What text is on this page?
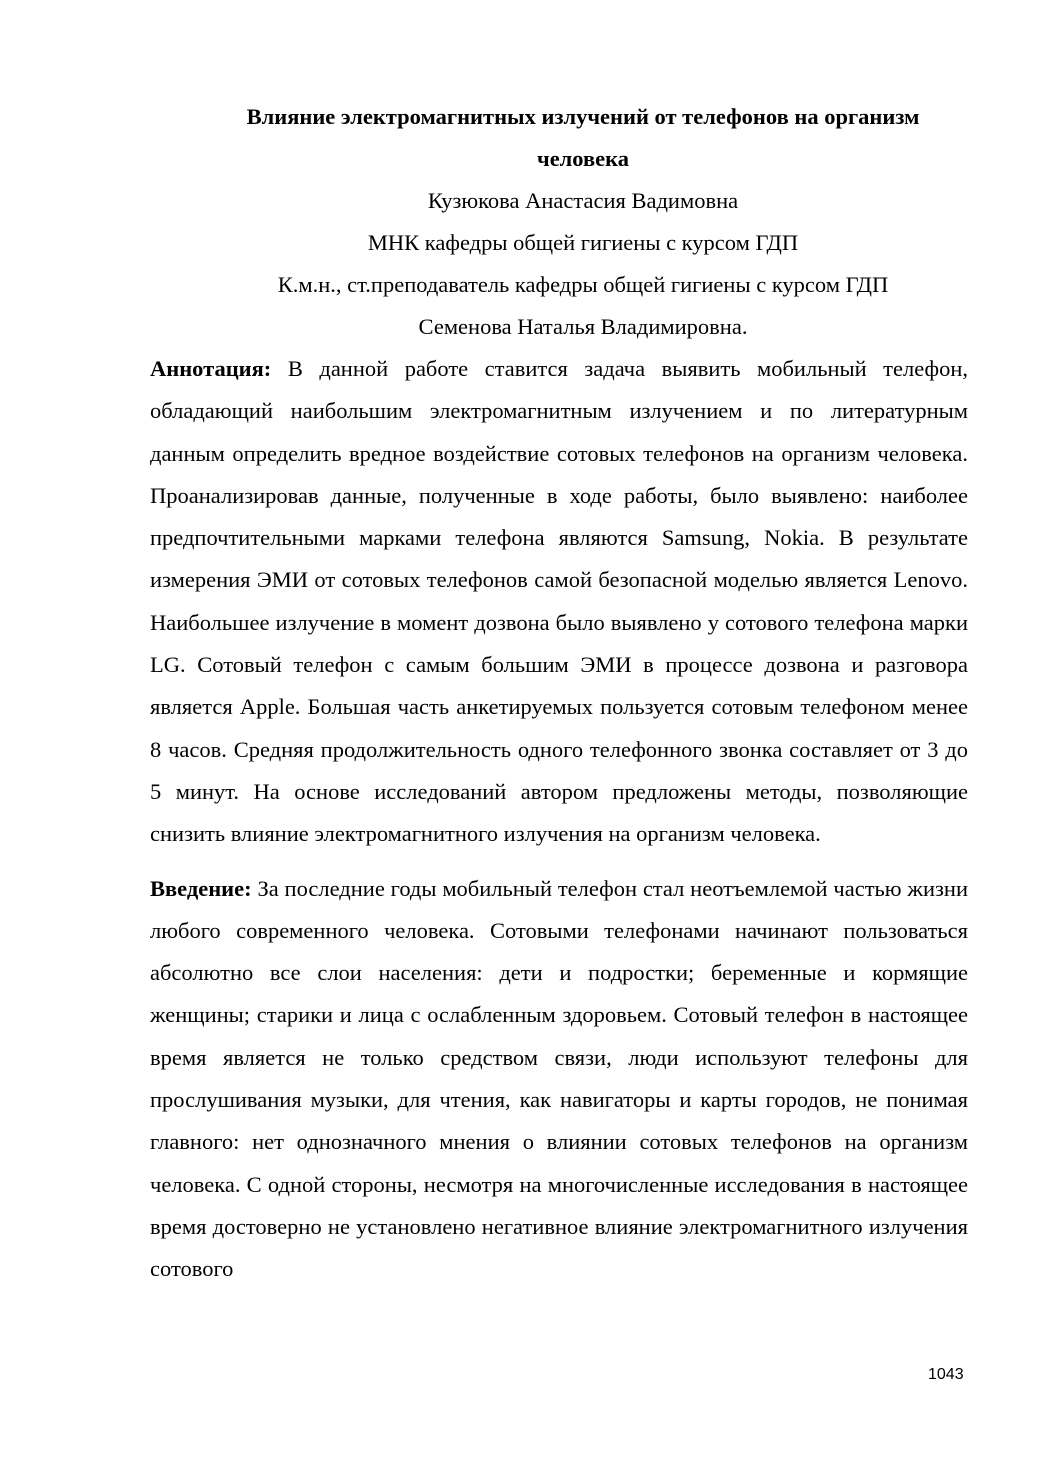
Влияние электромагнитных излучений от телефонов на организм
человека
Кузюкова Анастасия Вадимовна
МНК кафедры общей гигиены с курсом ГДП
К.м.н., ст.преподаватель кафедры общей гигиены с курсом ГДП
Семенова Наталья Владимировна.

Аннотация: В данной работе ставится задача выявить мобильный телефон, обладающий наибольшим электромагнитным излучением и по литературным данным определить вредное воздействие сотовых телефонов на организм человека. Проанализировав данные, полученные в ходе работы, было выявлено: наиболее предпочтительными марками телефона являются Samsung, Nokia. В результате измерения ЭМИ от сотовых телефонов самой безопасной моделью является Lenovo. Наибольшее излучение в момент дозвона было выявлено у сотового телефона марки LG. Сотовый телефон с самым большим ЭМИ в процессе дозвона и разговора является Apple. Большая часть анкетируемых пользуется сотовым телефоном менее 8 часов. Средняя продолжительность одного телефонного звонка составляет от 3 до 5 минут. На основе исследований автором предложены методы, позволяющие снизить влияние электромагнитного излучения на организм человека.

Введение: За последние годы мобильный телефон стал неотъемлемой частью жизни любого современного человека. Сотовыми телефонами начинают пользоваться абсолютно все слои населения: дети и подростки; беременные и кормящие женщины; старики и лица с ослабленным здоровьем. Сотовый телефон в настоящее время является не только средством связи, люди используют телефоны для прослушивания музыки, для чтения, как навигаторы и карты городов, не понимая главного: нет однозначного мнения о влиянии сотовых телефонов на организм человека. С одной стороны, несмотря на многочисленные исследования в настоящее время достоверно не установлено негативное влияние электромагнитного излучения сотового

1043
